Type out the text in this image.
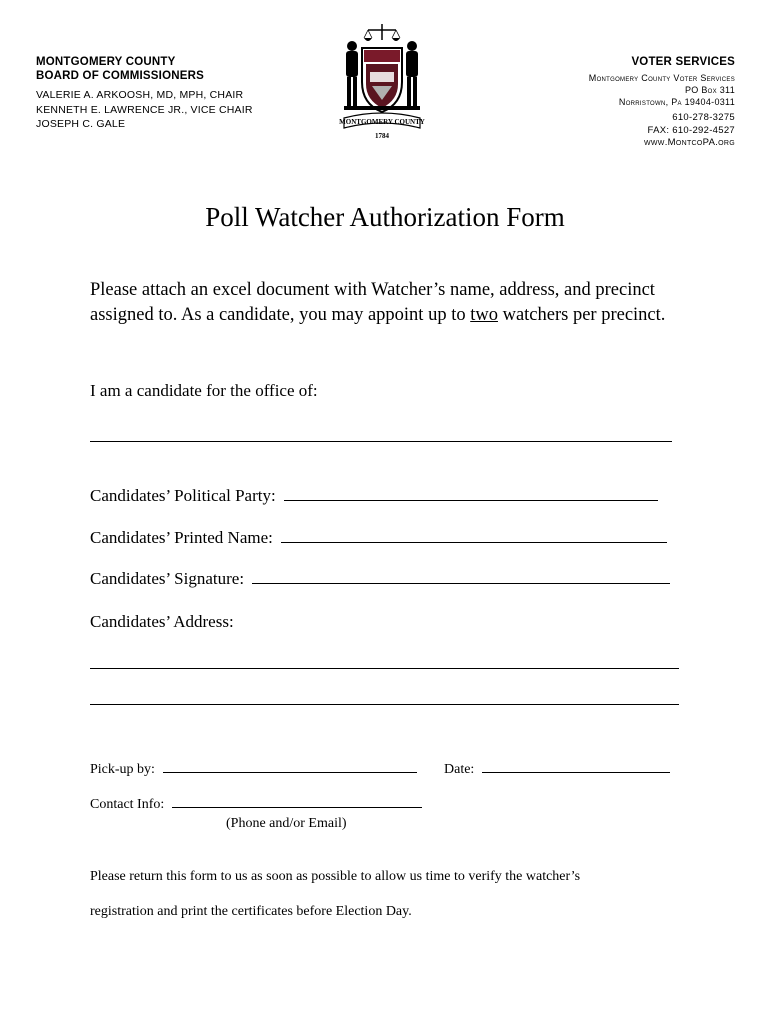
MONTGOMERY COUNTY
BOARD OF COMMISSIONERS
VALERIE A. ARKOOSH, MD, MPH, CHAIR
KENNETH E. LAWRENCE JR., VICE CHAIR
JOSEPH C. GALE	MONTGOMERY COUNTY
1784
VOTER SERVICES
Montgomery County Voter Services
PO Box 311
Norristown, Pa 19404-0311
610-278-3275
FAX: 610-292-4527
www.MontcoPA.org
Poll Watcher Authorization Form
Please attach an excel document with Watcher’s name, address, and precinct assigned to. As a candidate, you may appoint up to two watchers per precinct.
I am a candidate for the office of:
Candidates’ Political Party:
Candidates’ Printed Name:
Candidates’ Signature:
Candidates’ Address:
Pick-up by:	Date:
Contact Info:
(Phone and/or Email)
Please return this form to us as soon as possible to allow us time to verify the watcher’s
registration and print the certificates before Election Day.
